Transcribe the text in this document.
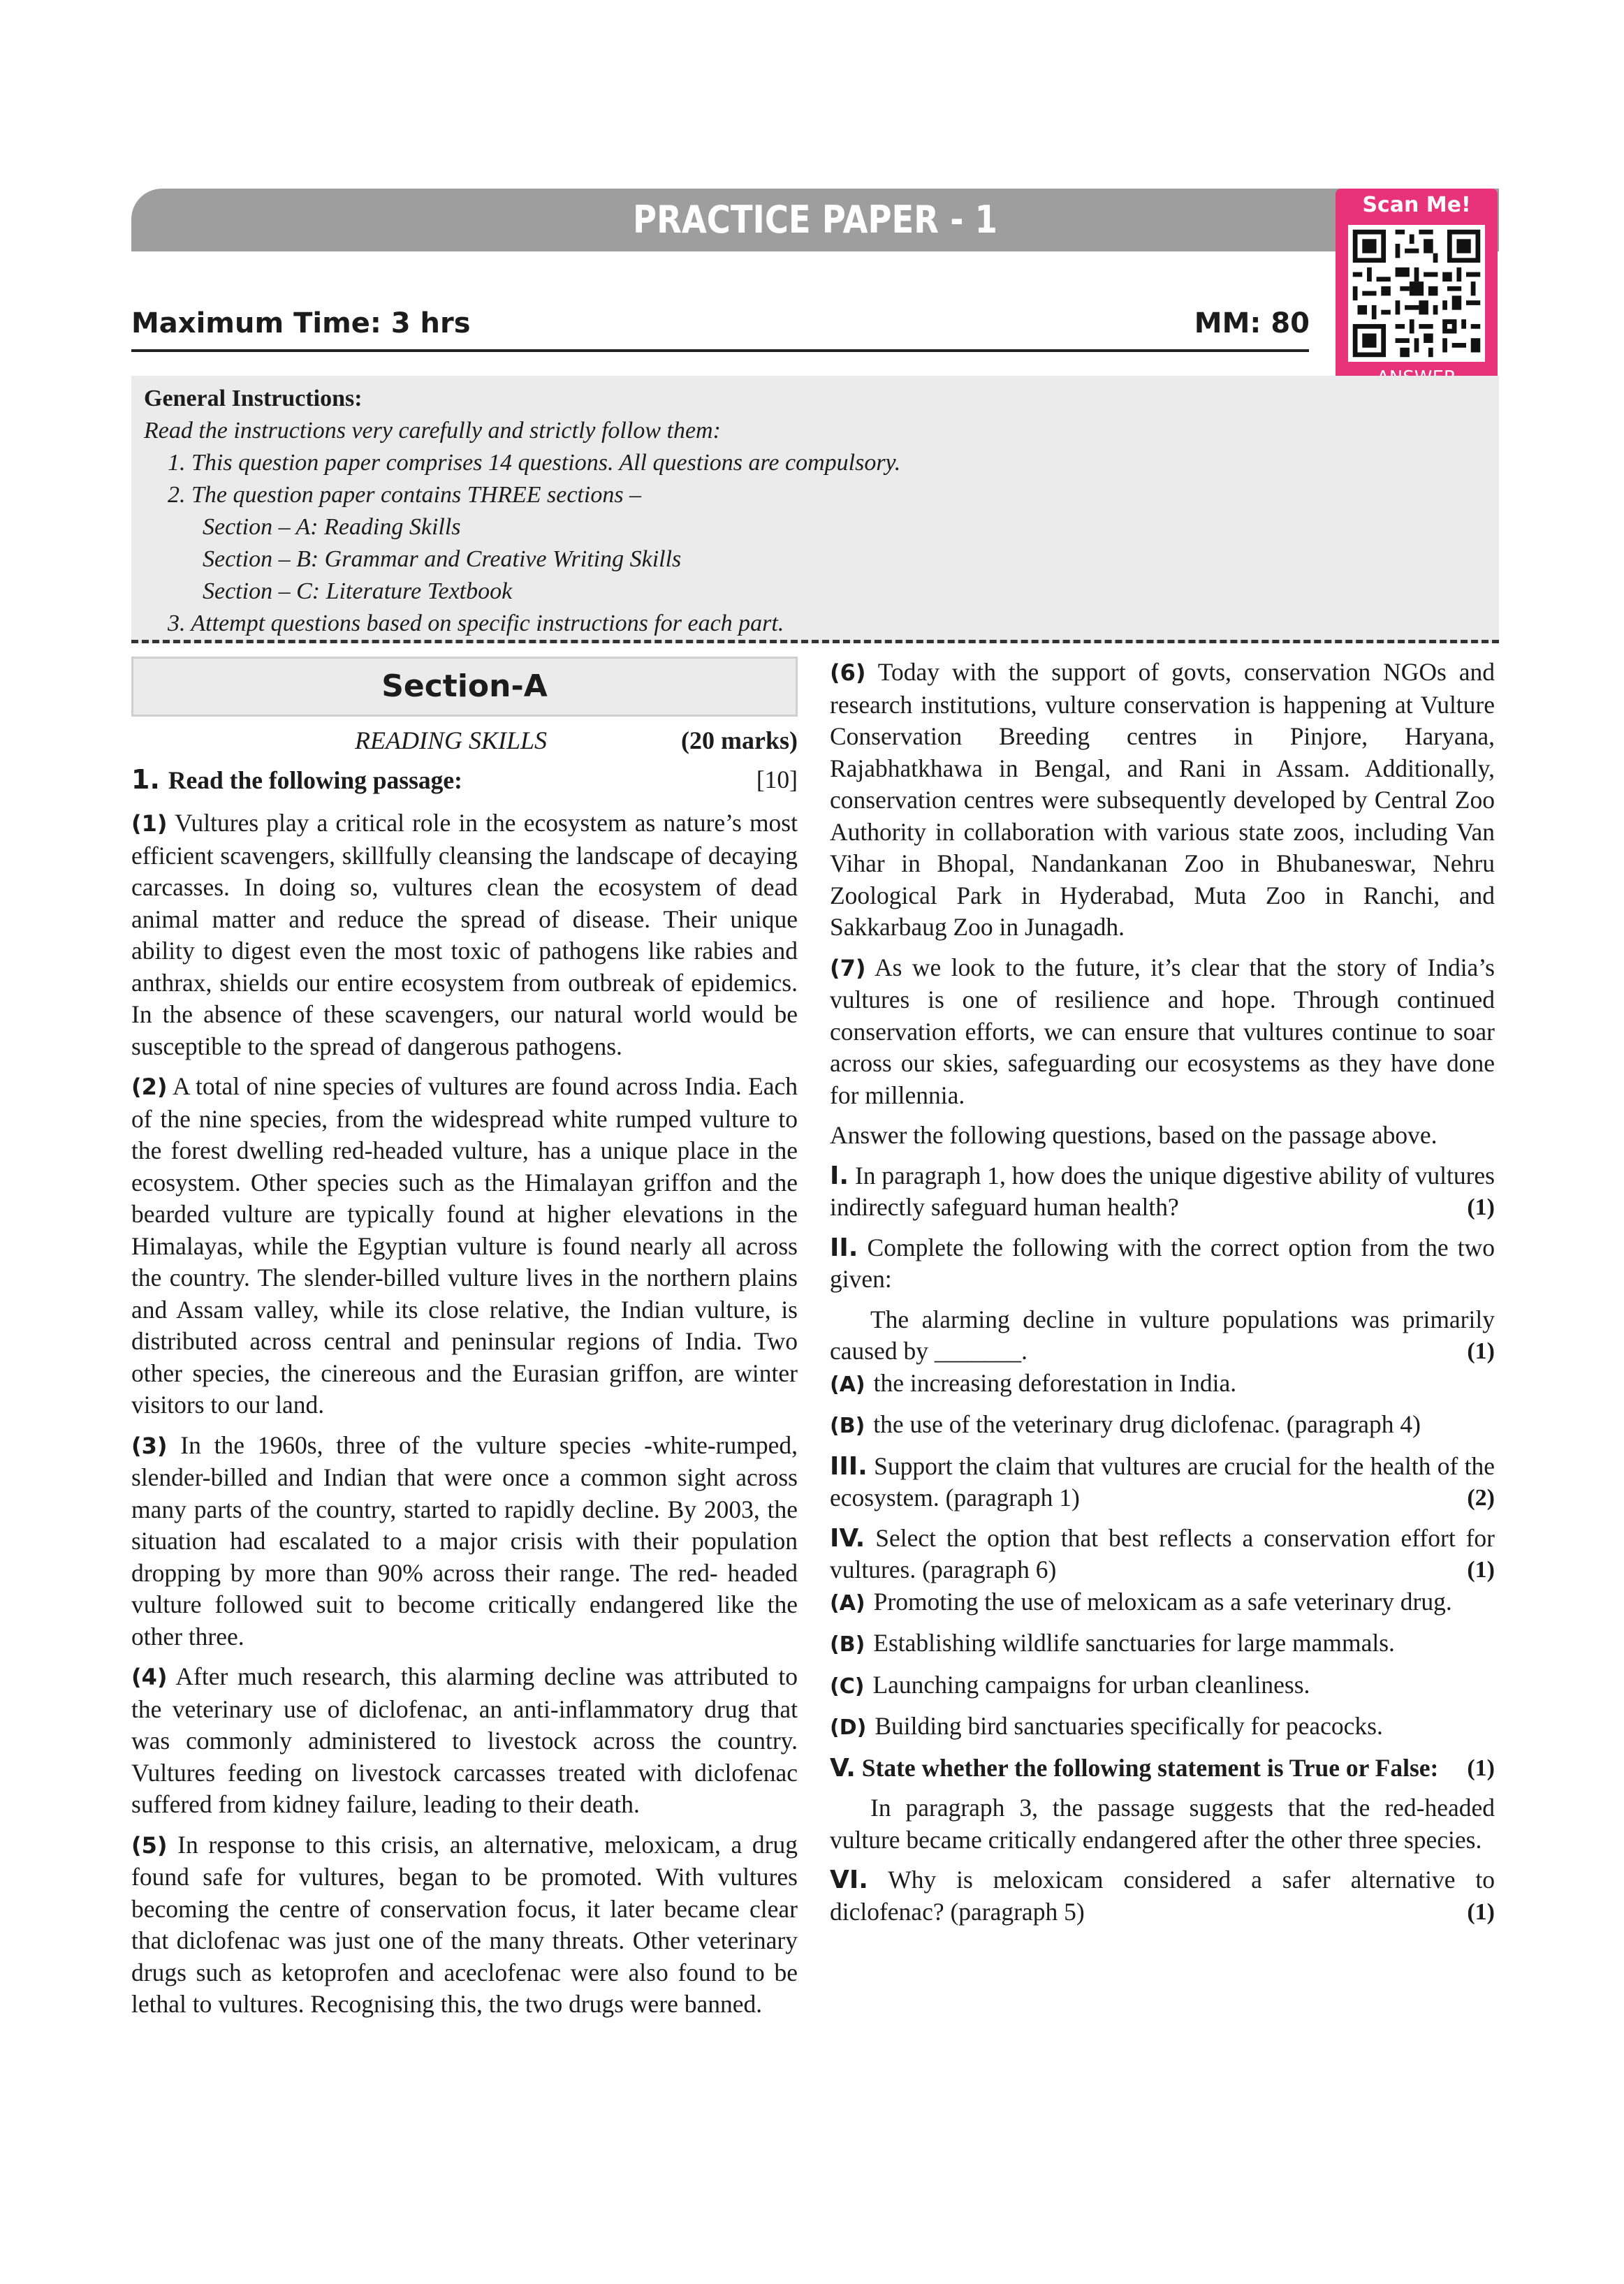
PRACTICE PAPER - 1	Scan Me!
Maximum Time: 3 hrs	MM: 80
General Instructions:
Read the instructions very carefully and strictly follow them:
1. This question paper comprises 14 questions. All questions are compulsory.
2. The question paper contains THREE sections –
Section – A: Reading Skills
Section – B: Grammar and Creative Writing Skills
Section – C: Literature Textbook
3. Attempt questions based on specific instructions for each part.
Section-A
READING SKILLS	(20 marks)
1. Read the following passage:	[10]

(1) Vultures play a critical role in the ecosystem as nature’s most efficient scavengers, skillfully cleansing the landscape of decaying carcasses. In doing so, vultures clean the ecosystem of dead animal matter and reduce the spread of disease. Their unique ability to digest even the most toxic of pathogens like rabies and anthrax, shields our entire ecosystem from outbreak of epidemics. In the absence of these scavengers, our natural world would be susceptible to the spread of dangerous pathogens.

(2) A total of nine species of vultures are found across India. Each of the nine species, from the widespread white rumped vulture to the forest dwelling red-headed vulture, has a unique place in the ecosystem. Other species such as the Himalayan griffon and the bearded vulture are typically found at higher elevations in the Himalayas, while the Egyptian vulture is found nearly all across the country. The slender-billed vulture lives in the northern plains and Assam valley, while its close relative, the Indian vulture, is distributed across central and peninsular regions of India. Two other species, the cinereous and the Eurasian griffon, are winter visitors to our land.

(3) In the 1960s, three of the vulture species -white-rumped, slender-billed and Indian that were once a common sight across many parts of the country, started to rapidly decline. By 2003, the situation had escalated to a major crisis with their population dropping by more than 90% across their range. The red- headed vulture followed suit to become critically endangered like the other three.

(4) After much research, this alarming decline was attributed to the veterinary use of diclofenac, an anti-inflammatory drug that was commonly administered to livestock across the country. Vultures feeding on livestock carcasses treated with diclofenac suffered from kidney failure, leading to their death.

(5) In response to this crisis, an alternative, meloxicam, a drug found safe for vultures, began to be promoted. With vultures becoming the centre of conservation focus, it later became clear that diclofenac was just one of the many threats. Other veterinary drugs such as ketoprofen and aceclofenac were also found to be lethal to vultures. Recognising this, the two drugs were banned.

(6) Today with the support of govts, conservation NGOs and research institutions, vulture conservation is happening at Vulture Conservation Breeding centres in Pinjore, Haryana, Rajabhatkhawa in Bengal, and Rani in Assam. Additionally, conservation centres were subsequently developed by Central Zoo Authority in collaboration with various state zoos, including Van Vihar in Bhopal, Nandankanan Zoo in Bhubaneswar, Nehru Zoological Park in Hyderabad, Muta Zoo in Ranchi, and Sakkarbaug Zoo in Junagadh.

(7) As we look to the future, it’s clear that the story of India’s vultures is one of resilience and hope. Through continued conservation efforts, we can ensure that vultures continue to soar across our skies, safeguarding our ecosystems as they have done for millennia.

Answer the following questions, based on the passage above.

I. In paragraph 1, how does the unique digestive ability of vultures indirectly safeguard human health?	(1)

II. Complete the following with the correct option from the two given:

The alarming decline in vulture populations was primarily caused by _______.	(1)

(A) the increasing deforestation in India.

(B) the use of the veterinary drug diclofenac. (paragraph 4)

III. Support the claim that vultures are crucial for the health of the ecosystem. (paragraph 1)	(2)

IV. Select the option that best reflects a conservation effort for vultures. (paragraph 6)	(1)

(A) Promoting the use of meloxicam as a safe veterinary drug.

(B) Establishing wildlife sanctuaries for large mammals.

(C) Launching campaigns for urban cleanliness.

(D) Building bird sanctuaries specifically for peacocks.

V. State whether the following statement is True or False: (1)

In paragraph 3, the passage suggests that the red-headed vulture became critically endangered after the other three species.

VI. Why is meloxicam considered a safer alternative to diclofenac? (paragraph 5)	(1)
